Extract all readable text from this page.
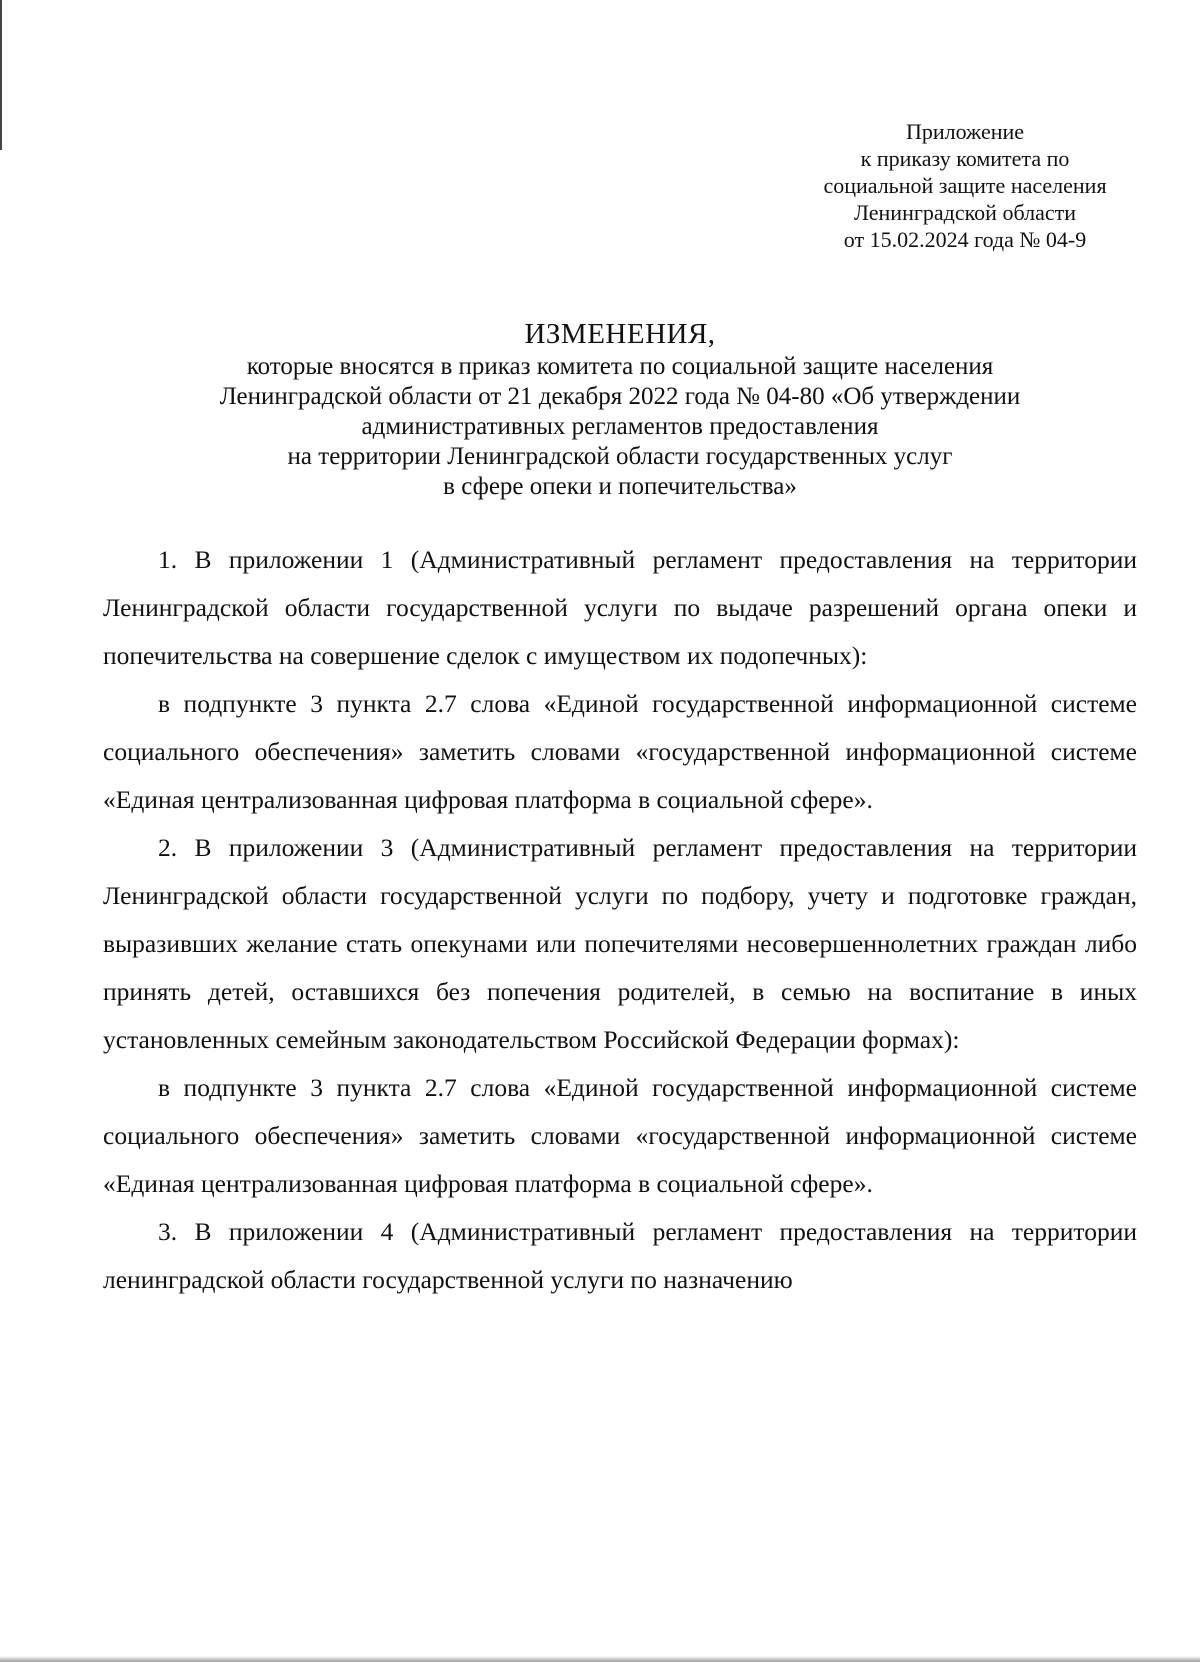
Приложение
к приказу комитета по
социальной защите населения
Ленинградской области
от 15.02.2024 года № 04-9
ИЗМЕНЕНИЯ,
которые вносятся в приказ комитета по социальной защите населения
Ленинградской области от 21 декабря 2022 года № 04-80 «Об утверждении
административных регламентов предоставления
на территории Ленинградской области государственных услуг
в сфере опеки и попечительства»

1. В приложении 1 (Административный регламент предоставления на территории Ленинградской области государственной услуги по выдаче разрешений органа опеки и попечительства на совершение сделок с имуществом их подопечных):

в подпункте 3 пункта 2.7 слова «Единой государственной информационной системе социального обеспечения» заметить словами «государственной информационной системе «Единая централизованная цифровая платформа в социальной сфере».

2. В приложении 3 (Административный регламент предоставления на территории Ленинградской области государственной услуги по подбору, учету и подготовке граждан, выразивших желание стать опекунами или попечителями несовершеннолетних граждан либо принять детей, оставшихся без попечения родителей, в семью на воспитание в иных установленных семейным законодательством Российской Федерации формах):

в подпункте 3 пункта 2.7 слова «Единой государственной информационной системе социального обеспечения» заметить словами «государственной информационной системе «Единая централизованная цифровая платформа в социальной сфере».

3. В приложении 4 (Административный регламент предоставления на территории ленинградской области государственной услуги по назначению
